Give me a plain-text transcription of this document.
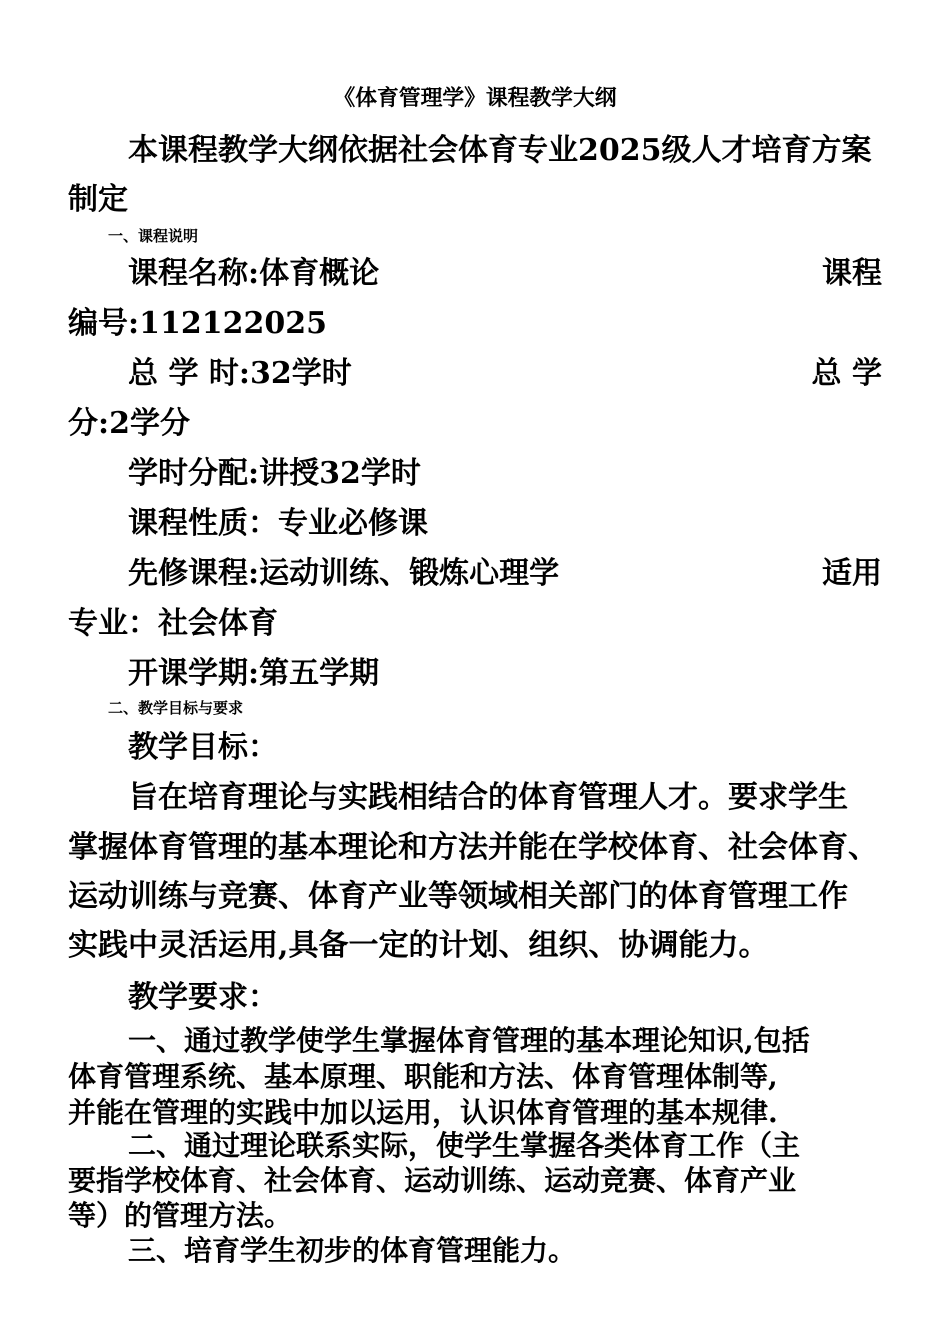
《体育管理学》课程教学大纲
本课程教学大纲依据社会体育专业2025级人才培育方案
制定
一、课程说明
课程名称:体育概论	课程
编号:112122025
总 学 时:32学时	总 学
分:2学分
学时分配:讲授32学时
课程性质：专业必修课
先修课程:运动训练、锻炼心理学	适用
专业：社会体育
开课学期:第五学期
二、教学目标与要求
教学目标：
旨在培育理论与实践相结合的体育管理人才。要求学生
掌握体育管理的基本理论和方法并能在学校体育、社会体育、
运动训练与竞赛、体育产业等领域相关部门的体育管理工作
实践中灵活运用,具备一定的计划、组织、协调能力。
教学要求：
一、通过教学使学生掌握体育管理的基本理论知识,包括
体育管理系统、基本原理、职能和方法、体育管理体制等,
并能在管理的实践中加以运用，认识体育管理的基本规律.
二、通过理论联系实际，使学生掌握各类体育工作（主
要指学校体育、社会体育、运动训练、运动竞赛、体育产业
等）的管理方法。
三、培育学生初步的体育管理能力。
